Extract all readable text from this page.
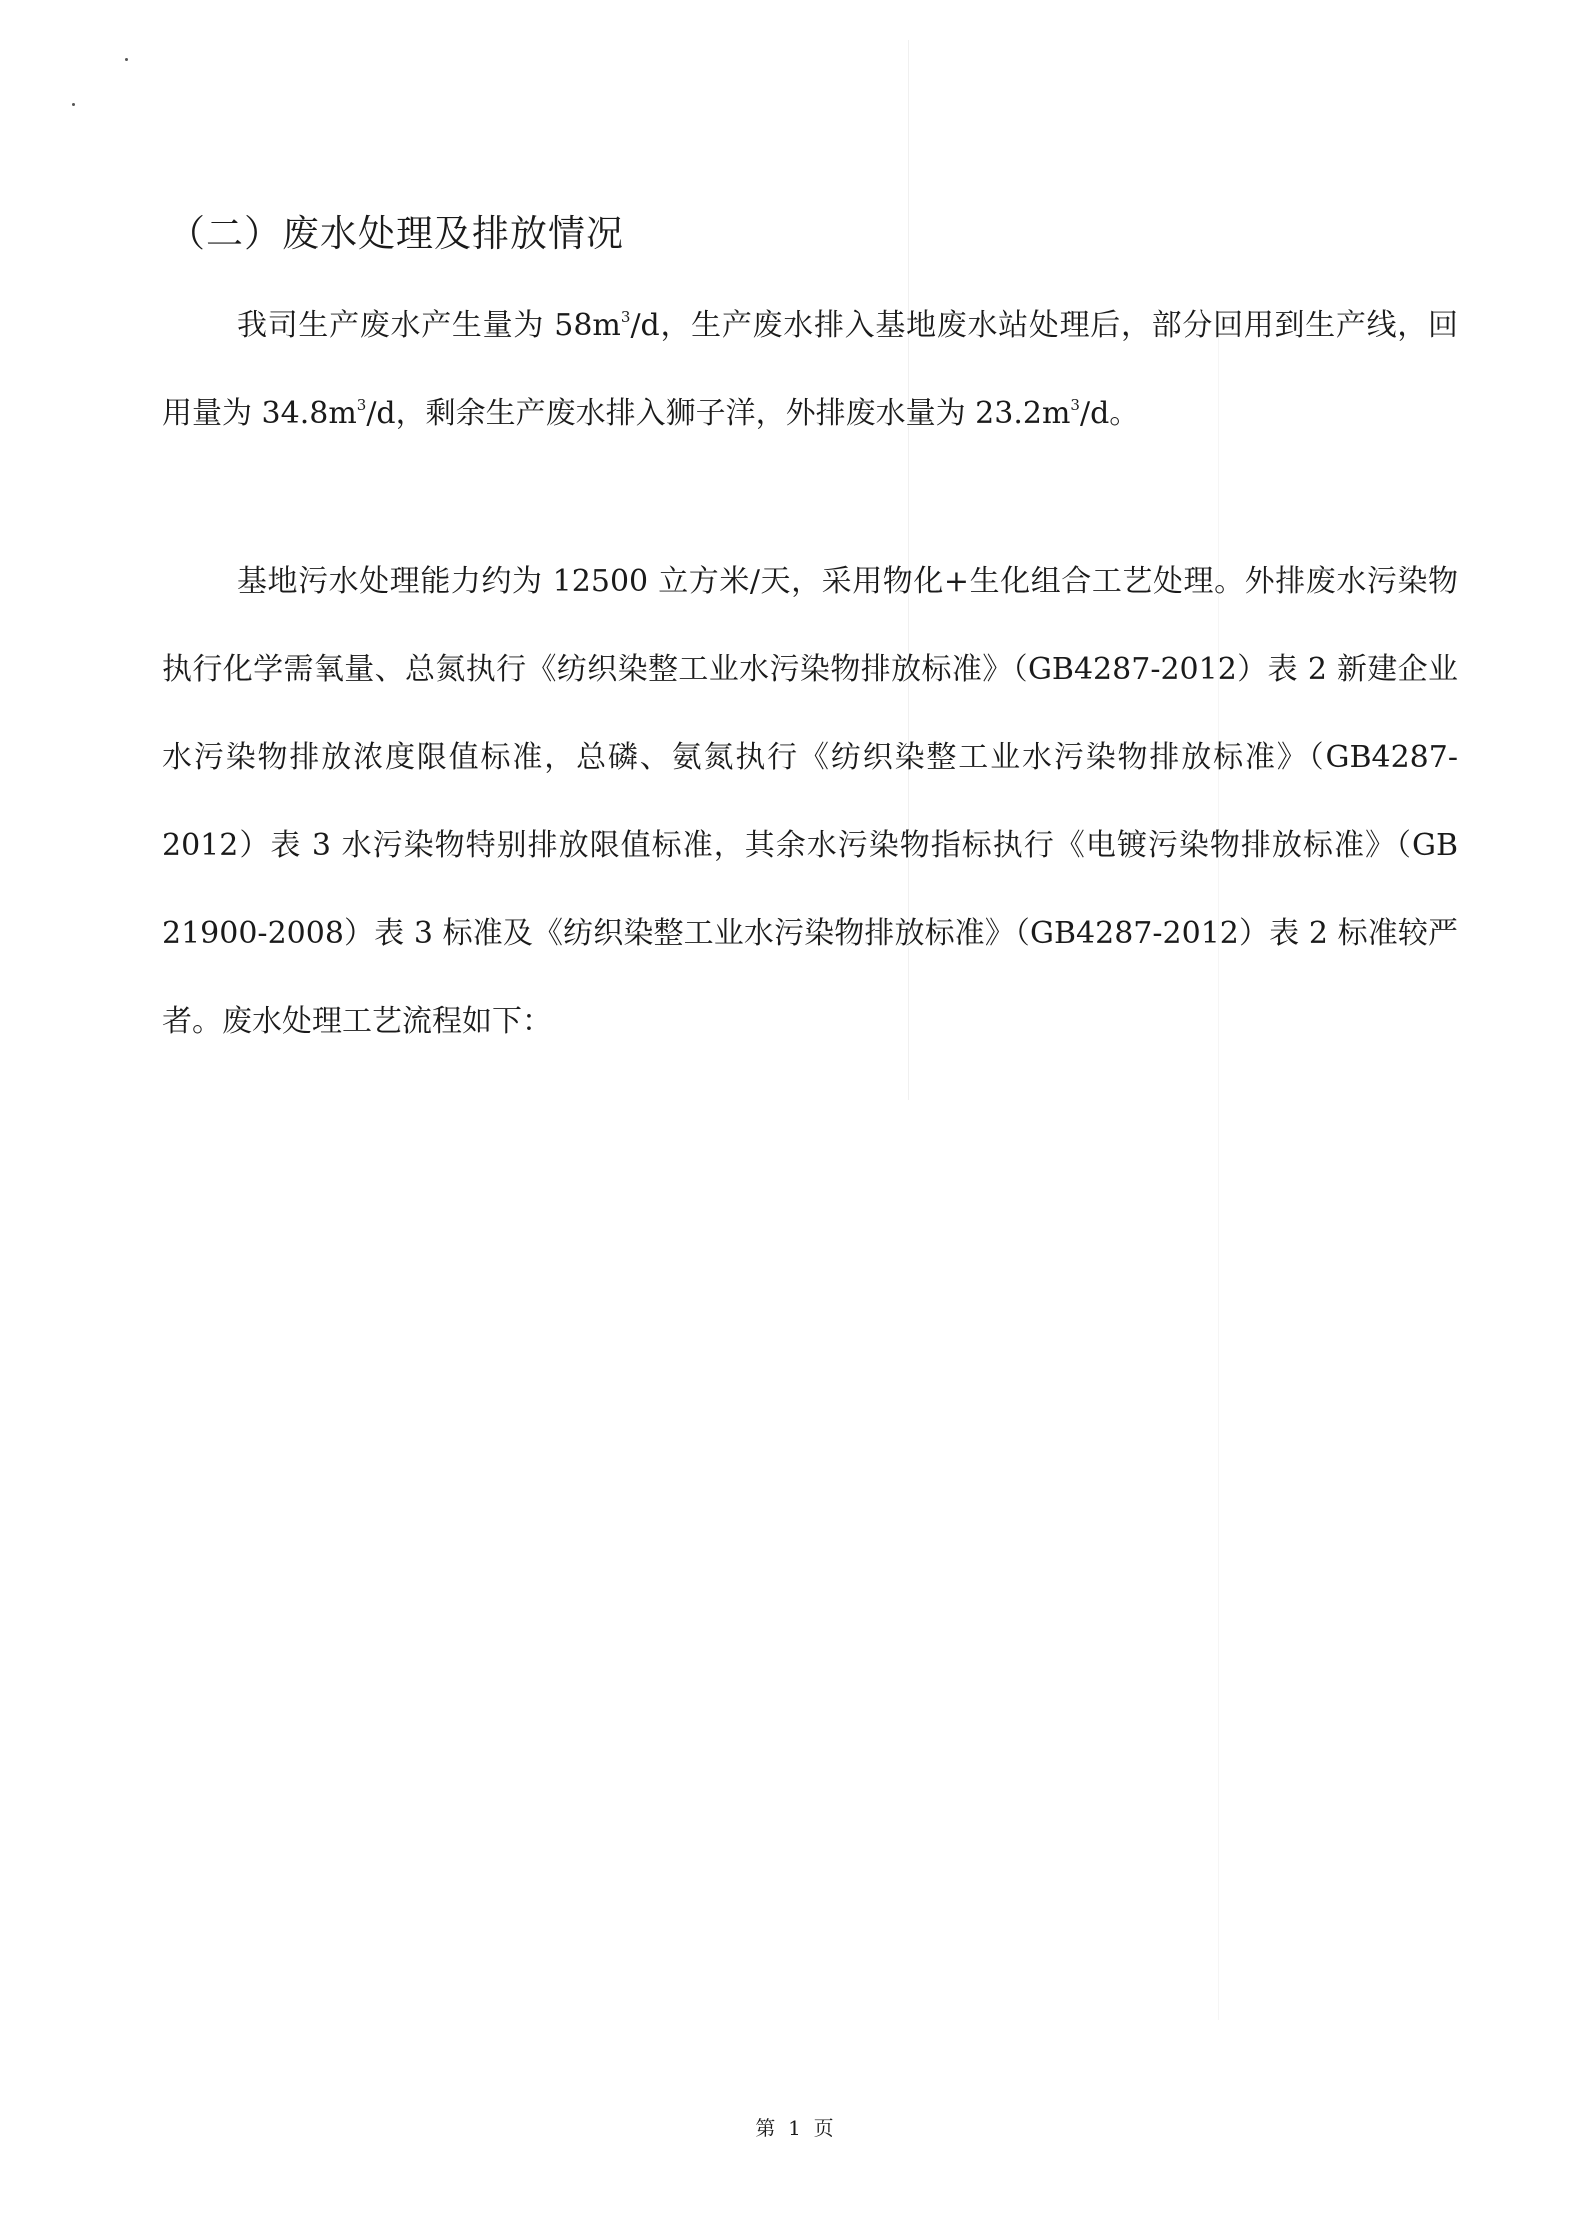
（二）废水处理及排放情况
我司生产废水产生量为 $58m^3/d$，生产废水排入基地废水站处理后，部分回用到生产线，回用量为 $34.8m^3/d$，剩余生产废水排入狮子洋，外排废水量为 $23.2m^3/d$。
基地污水处理能力约为 12500 立方米/天，采用物化+生化组合工艺处理。外排废水污染物执行化学需氧量、总氮执行《纺织染整工业水污染物排放标准》（GB4287-2012）表 2 新建企业水污染物排放浓度限值标准，总磷、氨氮执行《纺织染整工业水污染物排放标准》（GB4287-2012）表 3 水污染物特别排放限值标准，其余水污染物指标执行《电镀污染物排放标准》（GB 21900-2008）表 3 标准及《纺织染整工业水污染物排放标准》（GB4287-2012）表 2 标准较严者。废水处理工艺流程如下：
第  1  页
